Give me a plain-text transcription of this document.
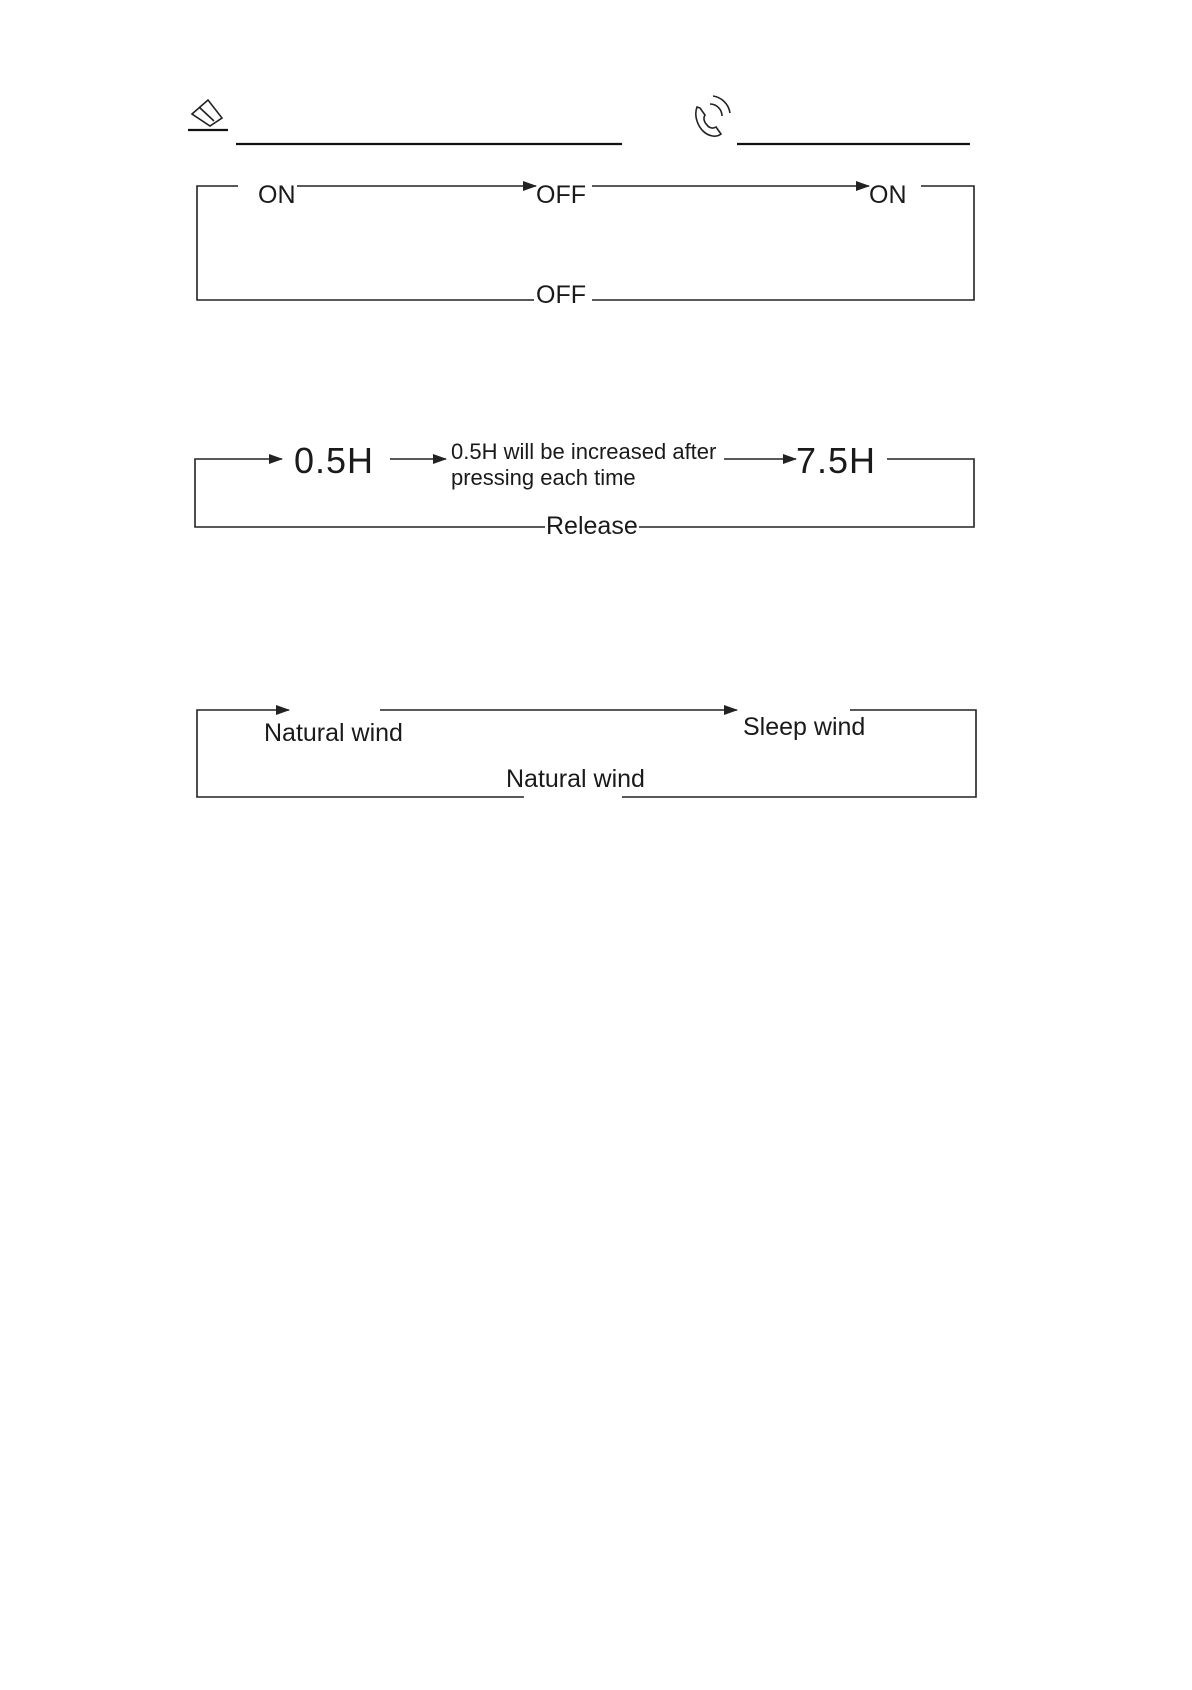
ON	OFF	ON
OFF
0.5H	0.5H will be increased after
pressing each time	7.5H
Release
Natural wind	Sleep wind
Natural wind
